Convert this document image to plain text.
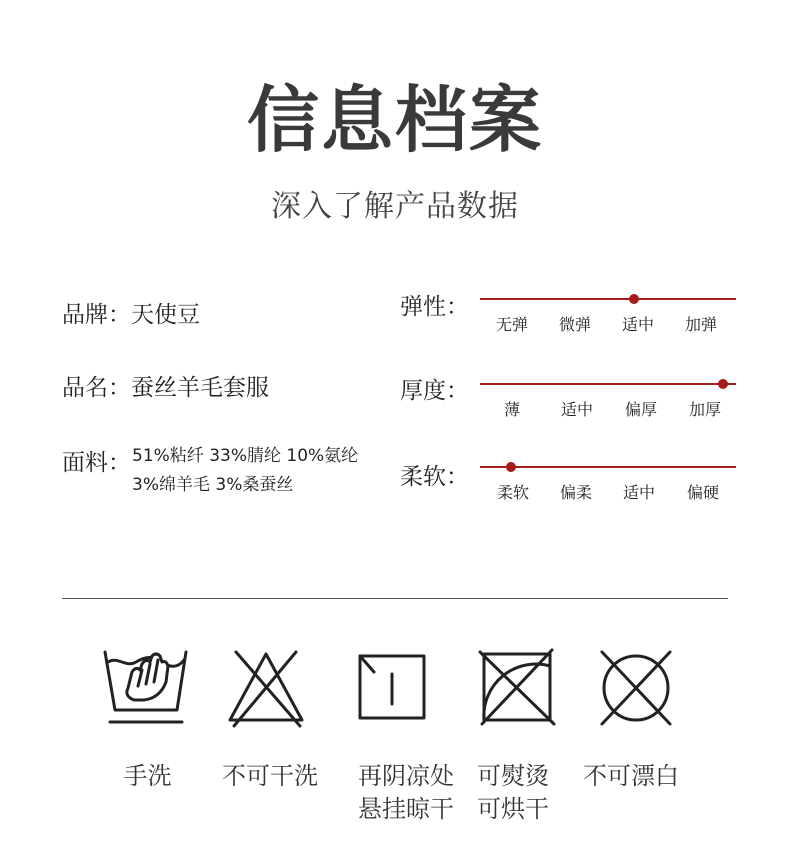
信息档案
深入了解产品数据
品牌：天使豆
品名：蚕丝羊毛套服
面料： 51%粘纤 33%腈纶 10%氨纶
3%绵羊毛 3%桑蚕丝
弹性：
无弹 微弹 适中 加弹
厚度：
薄	适中 偏厚 加厚
柔软：
柔软 偏柔 适中 偏硬
手洗	不可干洗	再阴凉处
悬挂晾干
可熨烫
可烘干
不可漂白
